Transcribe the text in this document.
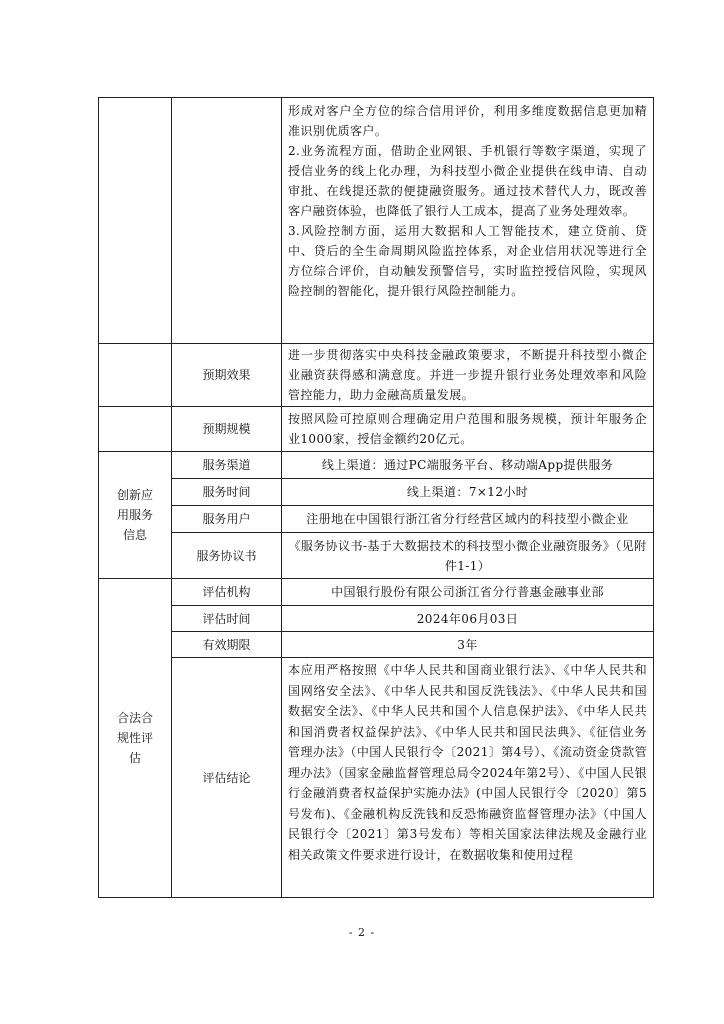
		形成对客户全方位的综合信用评价，利用多维度数据信息更加精准识别优质客户。

2.业务流程方面，借助企业网银、手机银行等数字渠道，实现了授信业务的线上化办理，为科技型小微企业提供在线申请、自动审批、在线提还款的便捷融资服务。通过技术替代人力，既改善客户融资体验，也降低了银行人工成本，提高了业务处理效率。

3.风险控制方面，运用大数据和人工智能技术，建立贷前、贷中、贷后的全生命周期风险监控体系，对企业信用状况等进行全方位综合评价，自动触发预警信号，实时监控授信风险，实现风险控制的智能化，提升银行风险控制能力。

	预期效果	进一步贯彻落实中央科技金融政策要求，不断提升科技型小微企业融资获得感和满意度。并进一步提升银行业务处理效率和风险管控能力，助力金融高质量发展。
	预期规模	按照风险可控原则合理确定用户范围和服务规模，预计年服务企业1000家，授信金额约20亿元。
创新应用服务信息	服务渠道	线上渠道：通过PC端服务平台、移动端App提供服务
	服务时间	线上渠道：7×12小时
	服务用户	注册地在中国银行浙江省分行经营区域内的科技型小微企业
	服务协议书	《服务协议书-基于大数据技术的科技型小微企业融资服务》（见附件1-1）
合法合规性评估	评估机构	中国银行股份有限公司浙江省分行普惠金融事业部
	评估时间	2024年06月03日
	有效期限	3年
	评估结论	本应用严格按照《中华人民共和国商业银行法》、《中华人民共和国网络安全法》、《中华人民共和国反洗钱法》、《中华人民共和国数据安全法》、《中华人民共和国个人信息保护法》、《中华人民共和国消费者权益保护法》、《中华人民共和国民法典》、《征信业务管理办法》（中国人民银行令〔2021〕第4号）、《流动资金贷款管理办法》（国家金融监督管理总局令2024年第2号）、《中国人民银行金融消费者权益保护实施办法》(中国人民银行令〔2020〕第5号发布)、《金融机构反洗钱和反恐怖融资监督管理办法》（中国人民银行令〔2021〕第3号发布）等相关国家法律法规及金融行业相关政策文件要求进行设计，在数据收集和使用过程
- 2 -
